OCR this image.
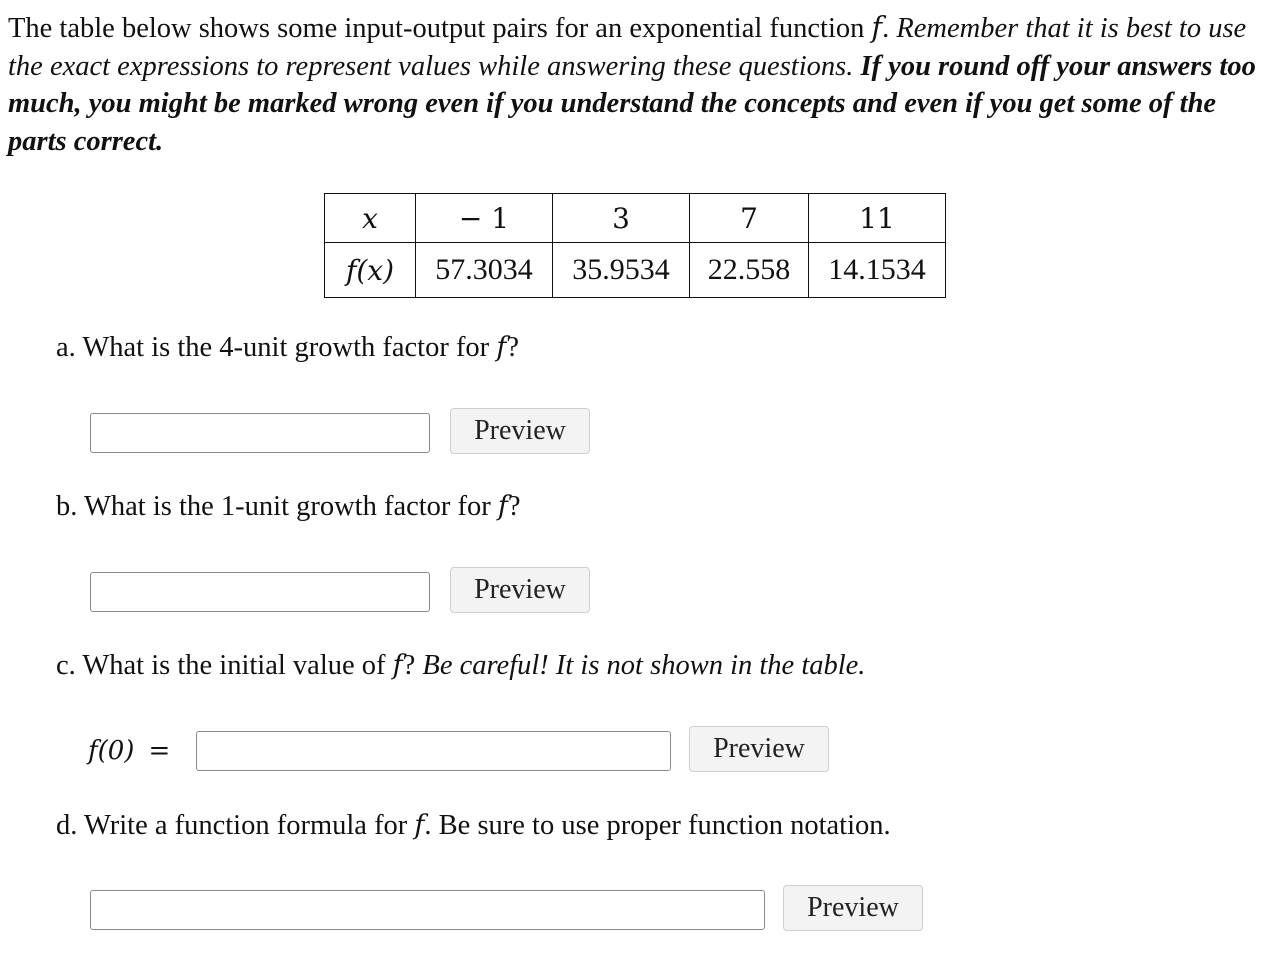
The table below shows some input-output pairs for an exponential function f. Remember that it is best to use the exact expressions to represent values while answering these questions. If you round off your answers too much, you might be marked wrong even if you understand the concepts and even if you get some of the parts correct.

x	− 1	3	7	11
f(x)	57.3034	35.9534	22.558	14.1534

a. What is the 4-unit growth factor for f?

Preview

b. What is the 1-unit growth factor for f?

Preview

c. What is the initial value of f? Be careful! It is not shown in the table.

f(0) =	Preview

d. Write a function formula for f. Be sure to use proper function notation.

Preview
